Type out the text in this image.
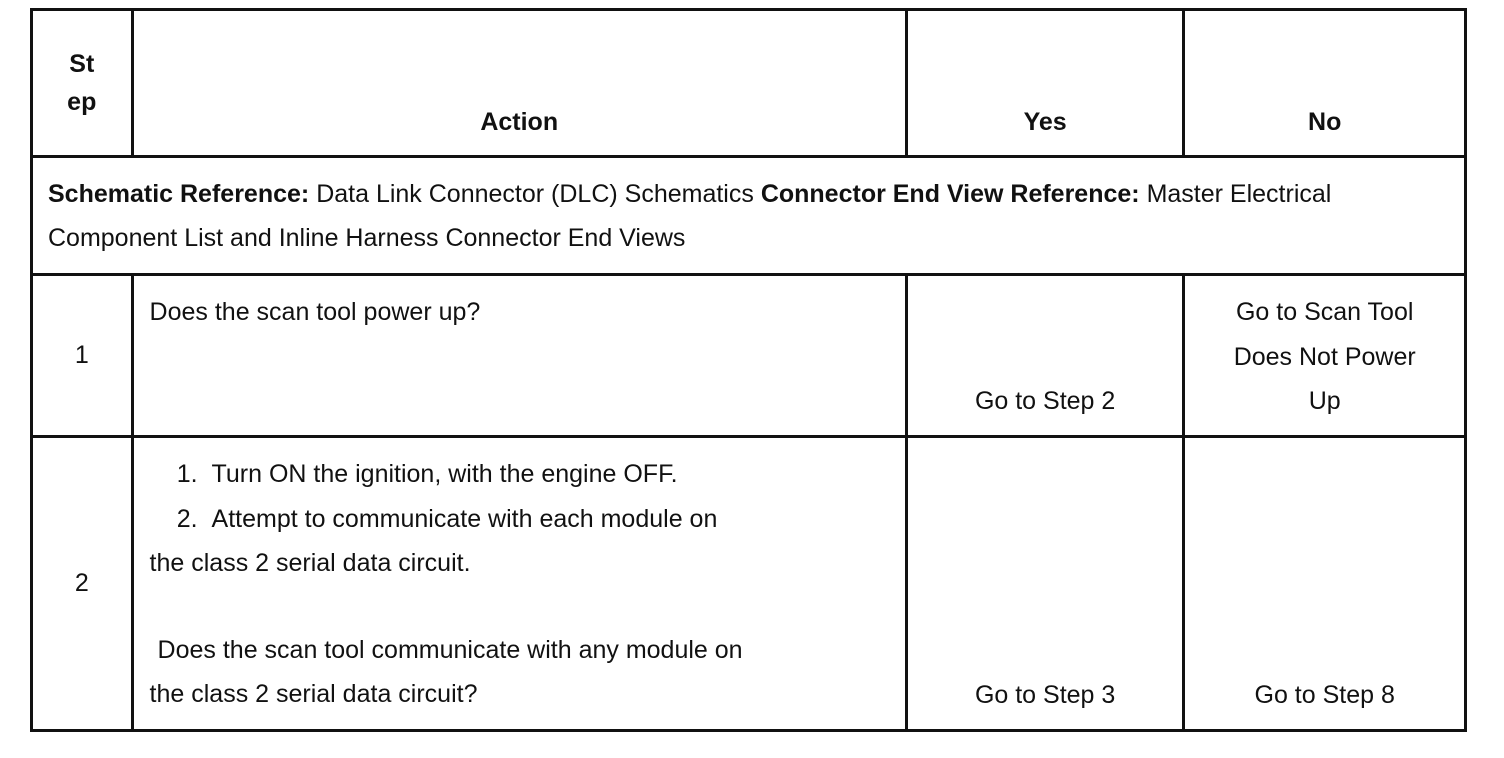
St
ep	Action	Yes	No
Schematic Reference: Data Link Connector (DLC) Schematics Connector End View Reference: Master Electrical Component List and Inline Harness Connector End Views			
1	Does the scan tool power up?	Go to Step 2	Go to Scan Tool
Does Not Power
Up

2	1. Turn ON the ignition, with the engine OFF.
2. Attempt to communicate with each module on
the class 2 serial data circuit.
Does the scan tool communicate with any module on
the class 2 serial data circuit?	Go to Step 3	Go to Step 8
